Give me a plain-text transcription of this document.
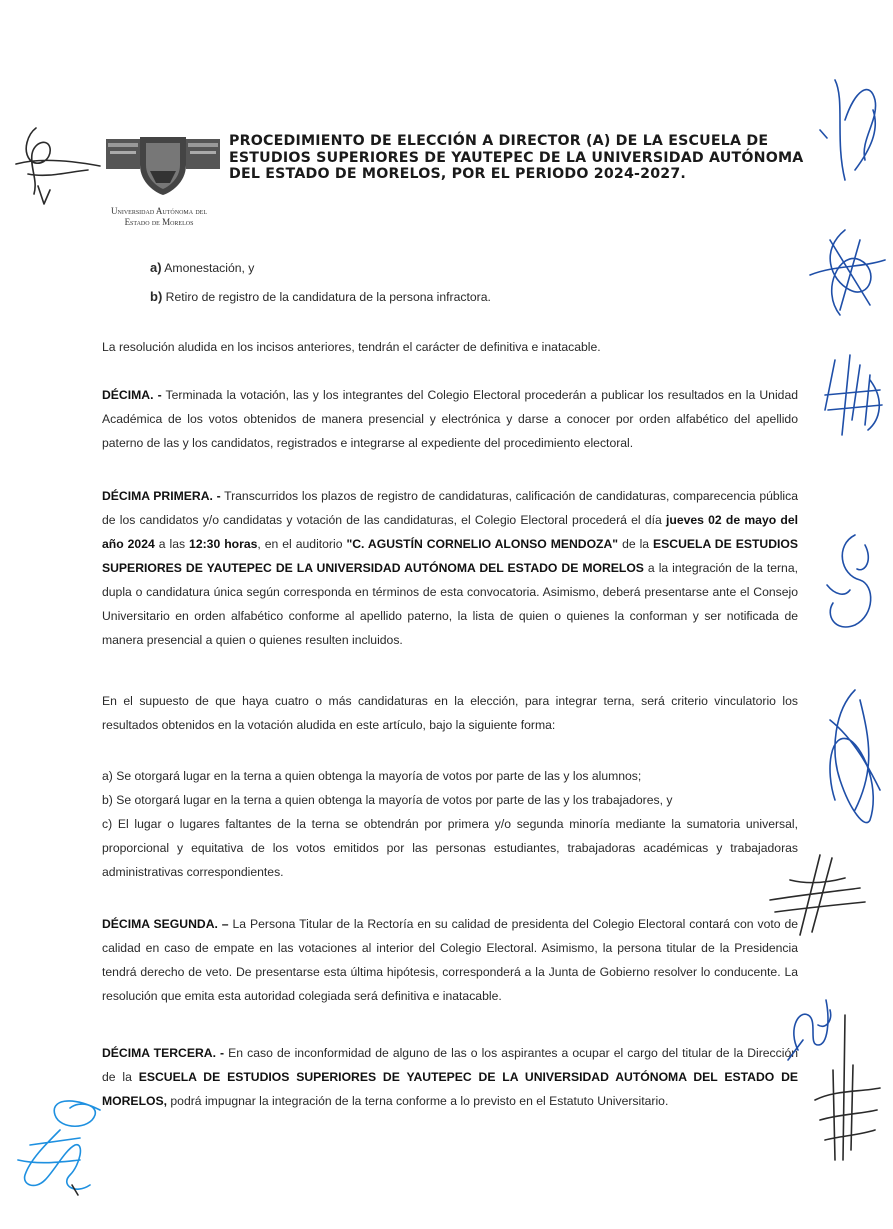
Universidad Autónoma del
Estado de Morelos
PROCEDIMIENTO DE ELECCIÓN A DIRECTOR (A) DE LA ESCUELA DE ESTUDIOS SUPERIORES DE YAUTEPEC DE LA UNIVERSIDAD AUTÓNOMA DEL ESTADO DE MORELOS, POR EL PERIODO 2024-2027.
a) Amonestación, y
b) Retiro de registro de la candidatura de la persona infractora.
La resolución aludida en los incisos anteriores, tendrán el carácter de definitiva e inatacable.
DÉCIMA. - Terminada la votación, las y los integrantes del Colegio Electoral procederán a publicar los resultados en la Unidad Académica de los votos obtenidos de manera presencial y electrónica y darse a conocer por orden alfabético del apellido paterno de las y los candidatos, registrados e integrarse al expediente del procedimiento electoral.
DÉCIMA PRIMERA. - Transcurridos los plazos de registro de candidaturas, calificación de candidaturas, comparecencia pública de los candidatos y/o candidatas y votación de las candidaturas, el Colegio Electoral procederá el día jueves 02 de mayo del año 2024 a las 12:30 horas, en el auditorio "C. AGUSTÍN CORNELIO ALONSO MENDOZA" de la ESCUELA DE ESTUDIOS SUPERIORES DE YAUTEPEC DE LA UNIVERSIDAD AUTÓNOMA DEL ESTADO DE MORELOS a la integración de la terna, dupla o candidatura única según corresponda en términos de esta convocatoria. Asimismo, deberá presentarse ante el Consejo Universitario en orden alfabético conforme al apellido paterno, la lista de quien o quienes la conforman y ser notificada de manera presencial a quien o quienes resulten incluidos.
En el supuesto de que haya cuatro o más candidaturas en la elección, para integrar terna, será criterio vinculatorio los resultados obtenidos en la votación aludida en este artículo, bajo la siguiente forma:
a) Se otorgará lugar en la terna a quien obtenga la mayoría de votos por parte de las y los alumnos;
b) Se otorgará lugar en la terna a quien obtenga la mayoría de votos por parte de las y los trabajadores, y
c) El lugar o lugares faltantes de la terna se obtendrán por primera y/o segunda minoría mediante la sumatoria universal, proporcional y equitativa de los votos emitidos por las personas estudiantes, trabajadoras académicas y trabajadoras administrativas correspondientes.
DÉCIMA SEGUNDA. – La Persona Titular de la Rectoría en su calidad de presidenta del Colegio Electoral contará con voto de calidad en caso de empate en las votaciones al interior del Colegio Electoral. Asimismo, la persona titular de la Presidencia tendrá derecho de veto. De presentarse esta última hipótesis, corresponderá a la Junta de Gobierno resolver lo conducente. La resolución que emita esta autoridad colegiada será definitiva e inatacable.
DÉCIMA TERCERA. - En caso de inconformidad de alguno de las o los aspirantes a ocupar el cargo del titular de la Dirección de la ESCUELA DE ESTUDIOS SUPERIORES DE YAUTEPEC DE LA UNIVERSIDAD AUTÓNOMA DEL ESTADO DE MORELOS, podrá impugnar la integración de la terna conforme a lo previsto en el Estatuto Universitario.
